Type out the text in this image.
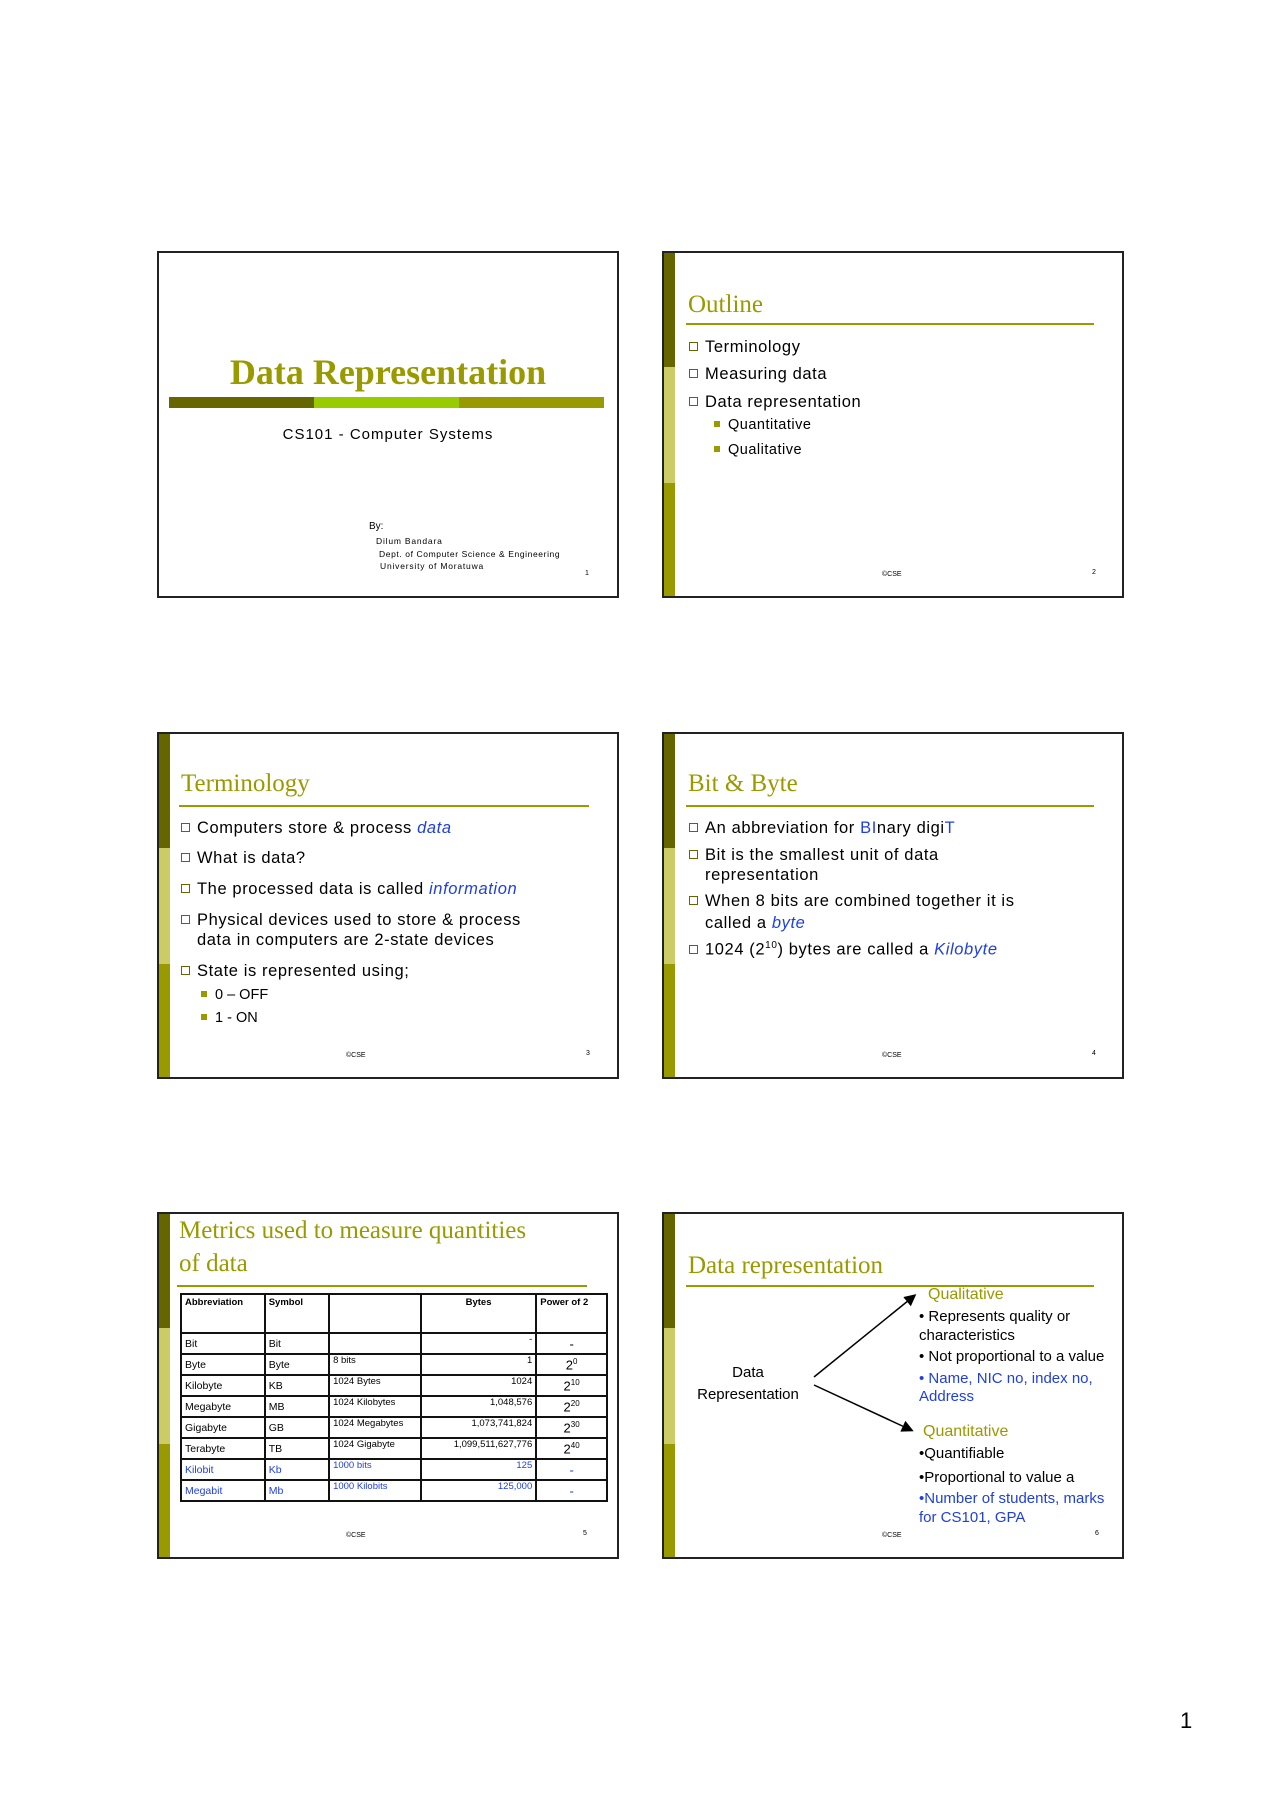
Data Representation
CS101 - Computer Systems
By:
Dilum Bandara
Dept. of Computer Science & Engineering
University of Moratuwa
1
Outline
Terminology
Measuring data
Data representation
Quantitative
Qualitative
©CSE	2
Terminology
Computers store & process data
What is data?
The processed data is called information
Physical devices used to store & process
data in computers are 2-state devices
State is represented using;
0 – OFF
1 - ON
©CSE	3
Bit & Byte
An abbreviation for BInary digiT
Bit is the smallest unit of data
representation
When 8 bits are combined together it is
called a byte
1024 $(2^{10})$ bytes are called a Kilobyte
©CSE	4
Metrics used to measure quantities
of data
Abbreviation	Symbol		Bytes	Power of 2
Bit	Bit		-	-
Byte	Byte	8 bits	1	$2^0$
Kilobyte	KB	1024 Bytes	1024	$2^{10}$
Megabyte	MB	1024 Kilobytes	1,048,576	$2^{20}$
Gigabyte	GB	1024 Megabytes	1,073,741,824	$2^{30}$
Terabyte	TB	1024 Gigabyte	1,099,511,627,776	$2^{40}$
Kilobit	Kb	1000 bits	125	-
Megabit	Mb	1000 Kilobits	125,000	-
©CSE	5
Data representation
Data
Representation
Qualitative
• Represents quality or
characteristics
• Not proportional to a value
• Name, NIC no, index no,
Address
Quantitative
•Quantifiable
•Proportional to value a
•Number of students, marks
for CS101, GPA
©CSE	6
1
